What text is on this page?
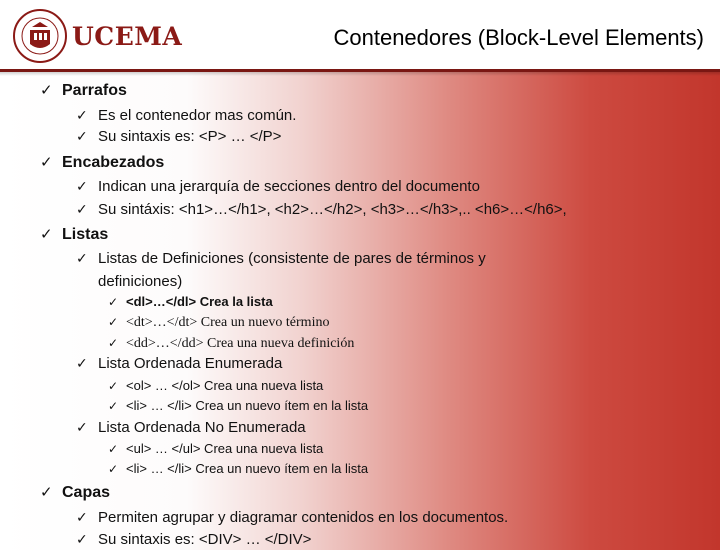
UCEMA	Contenedores (Block-Level Elements)
✓ Parrafos
✓ Es el contenedor mas común.
✓ Su sintaxis es: <P> … </P>
✓ Encabezados
✓ Indican una jerarquía de secciones dentro del documento
✓ Su sintáxis: <h1>…</h1>, <h2>…</h2>, <h3>…</h3>,.. <h6>…</h6>,
✓ Listas
✓ Listas de Definiciones (consistente de pares de términos y
definiciones)
✓ <dl>…</dl> Crea la lista
✓ <dt>…</dt> Crea un nuevo término
✓ <dd>…</dd> Crea una nueva definición
✓ Lista Ordenada Enumerada
✓ <ol> … </ol> Crea una nueva lista
✓ <li> … </li> Crea un nuevo ítem en la lista
✓ Lista Ordenada No Enumerada
✓ <ul> … </ul> Crea una nueva lista
✓ <li> … </li> Crea un nuevo ítem en la lista
✓ Capas
✓ Permiten agrupar y diagramar contenidos en los documentos.
✓ Su sintaxis es: <DIV> … </DIV>
